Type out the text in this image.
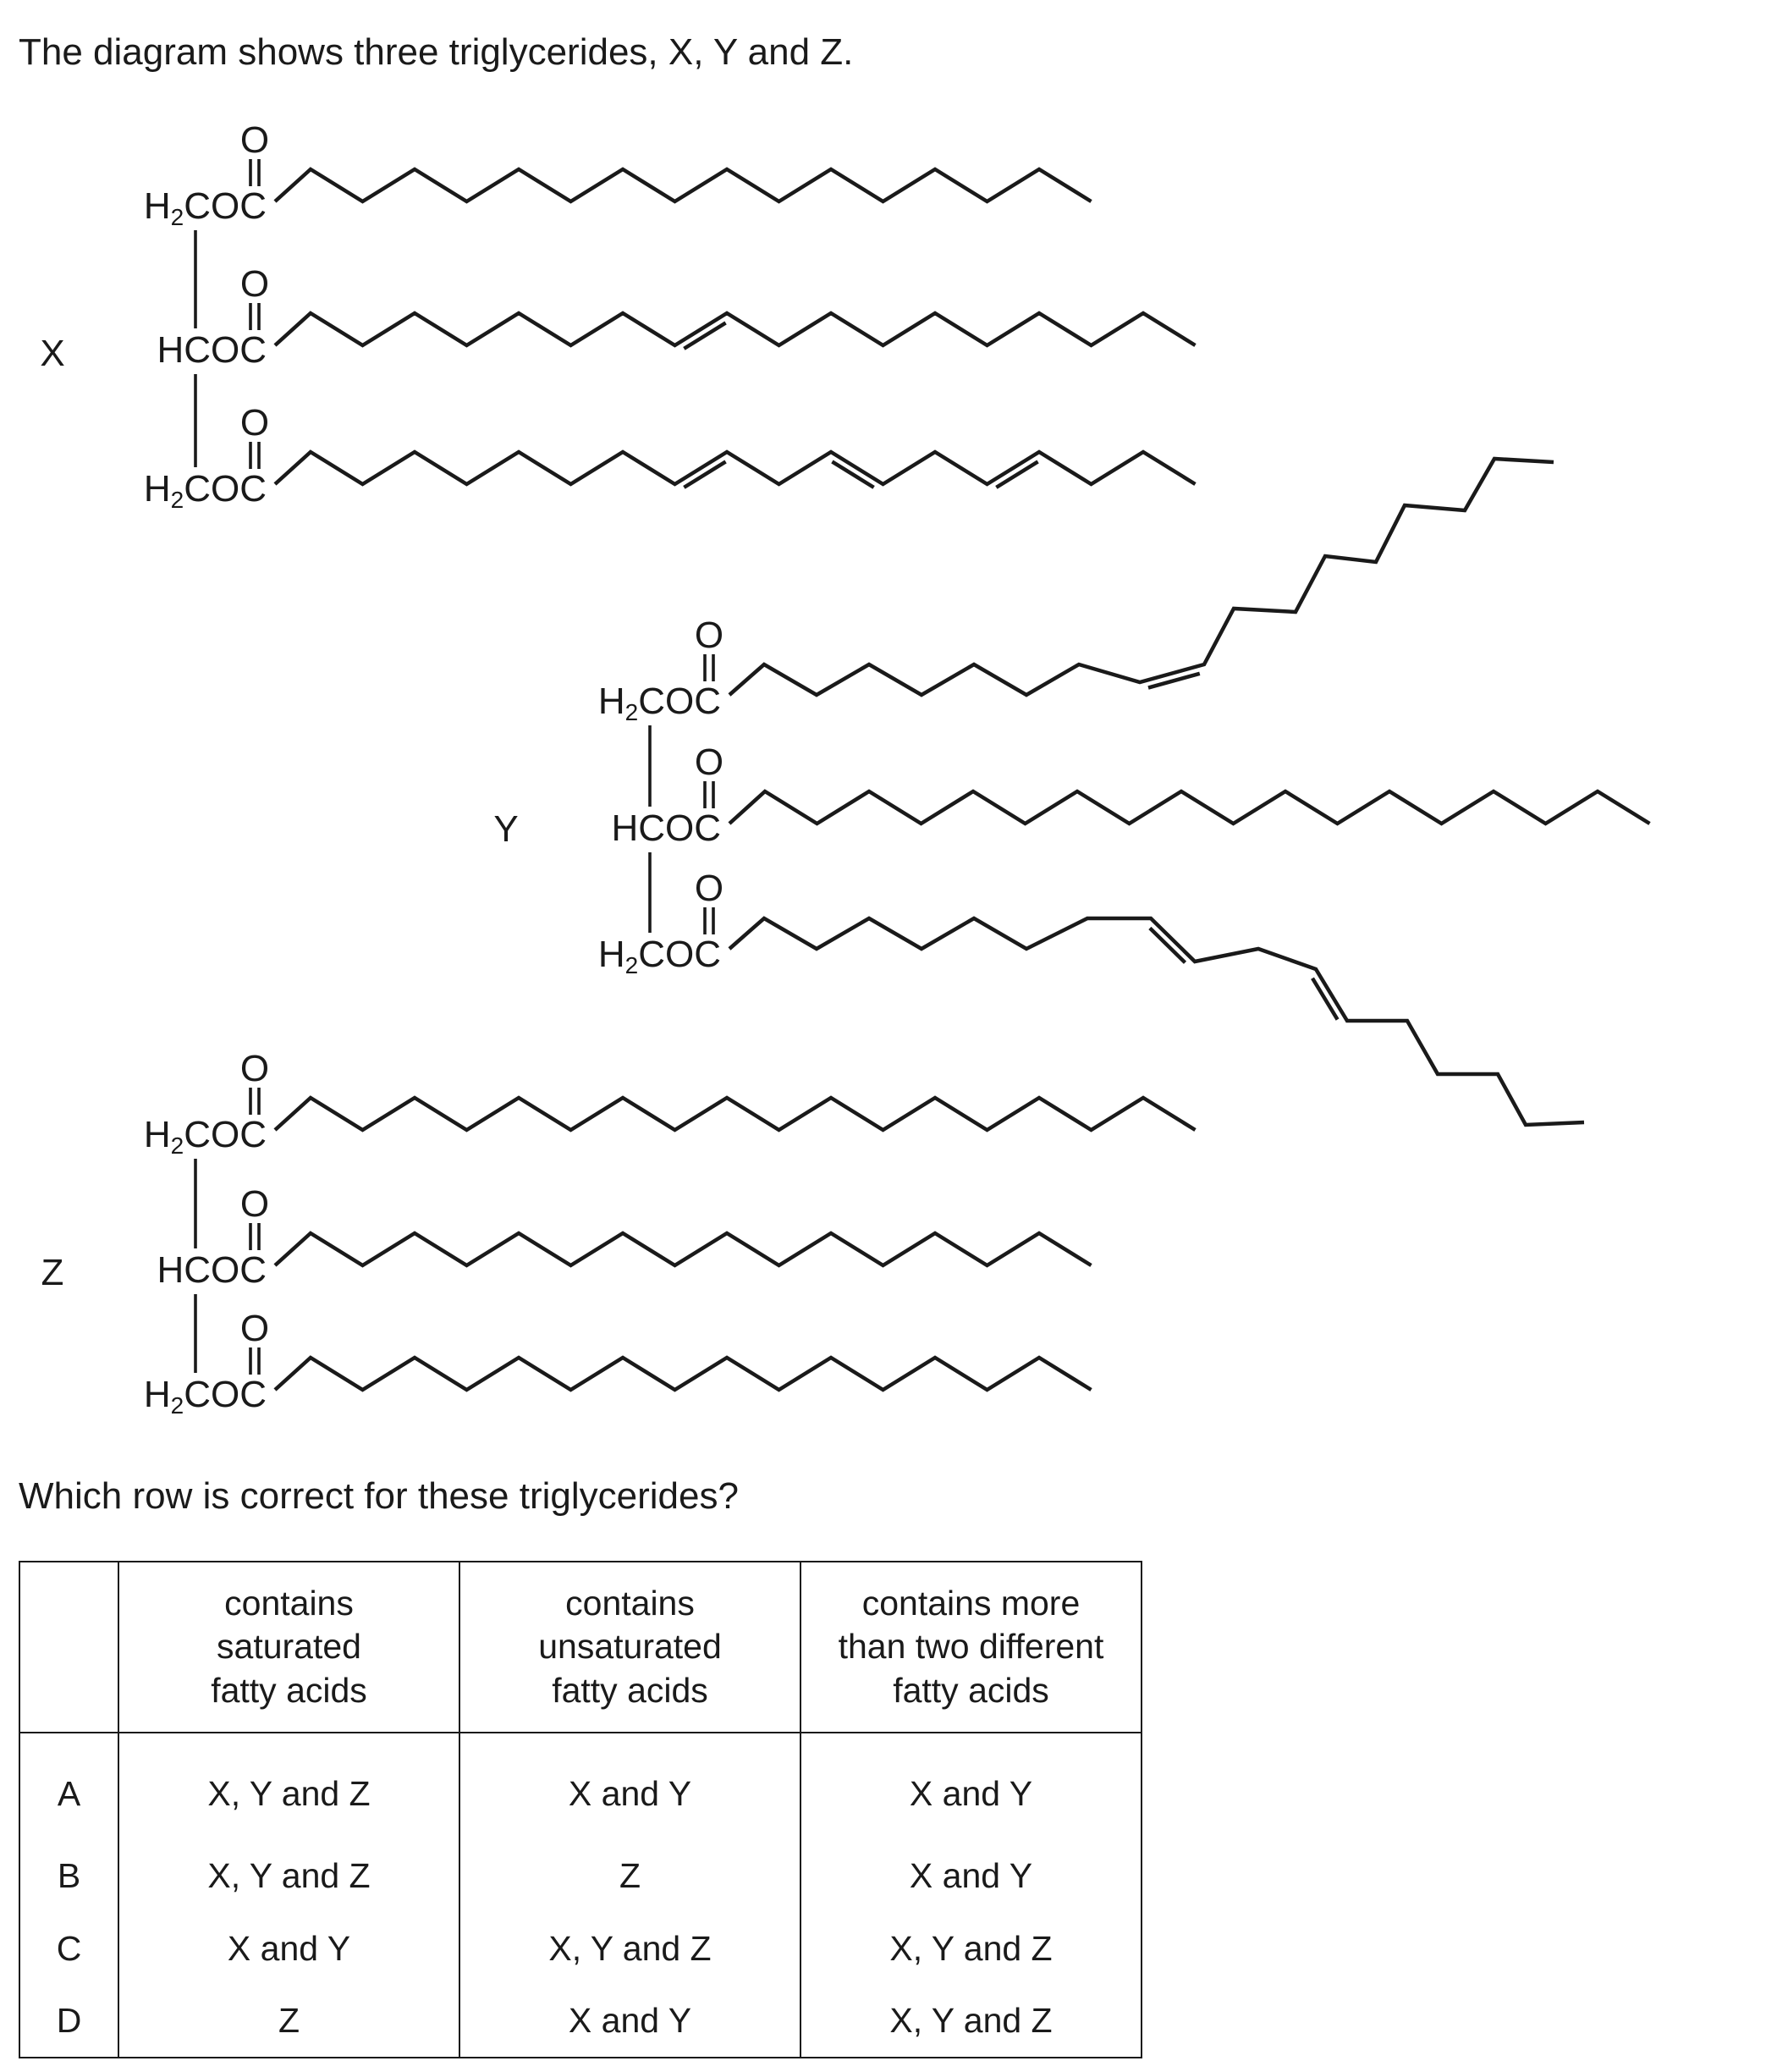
The diagram shows three triglycerides, X, Y and Z.
X
H2COC
O
HCOC
O
H2COC
O
Y
H2COC
O
HCOC
O
H2COC
O
Z
H2COC
O
HCOC
O
H2COC
O
Which row is correct for these triglycerides?

	contains
saturated
fatty acids	contains
unsaturated
fatty acids	contains more
than two different
fatty acids

A	X, Y and Z	X and Y	X and Y
B	X, Y and Z	Z	X and Y
C	X and Y	X, Y and Z	X, Y and Z
D	Z	X and Y	X, Y and Z
